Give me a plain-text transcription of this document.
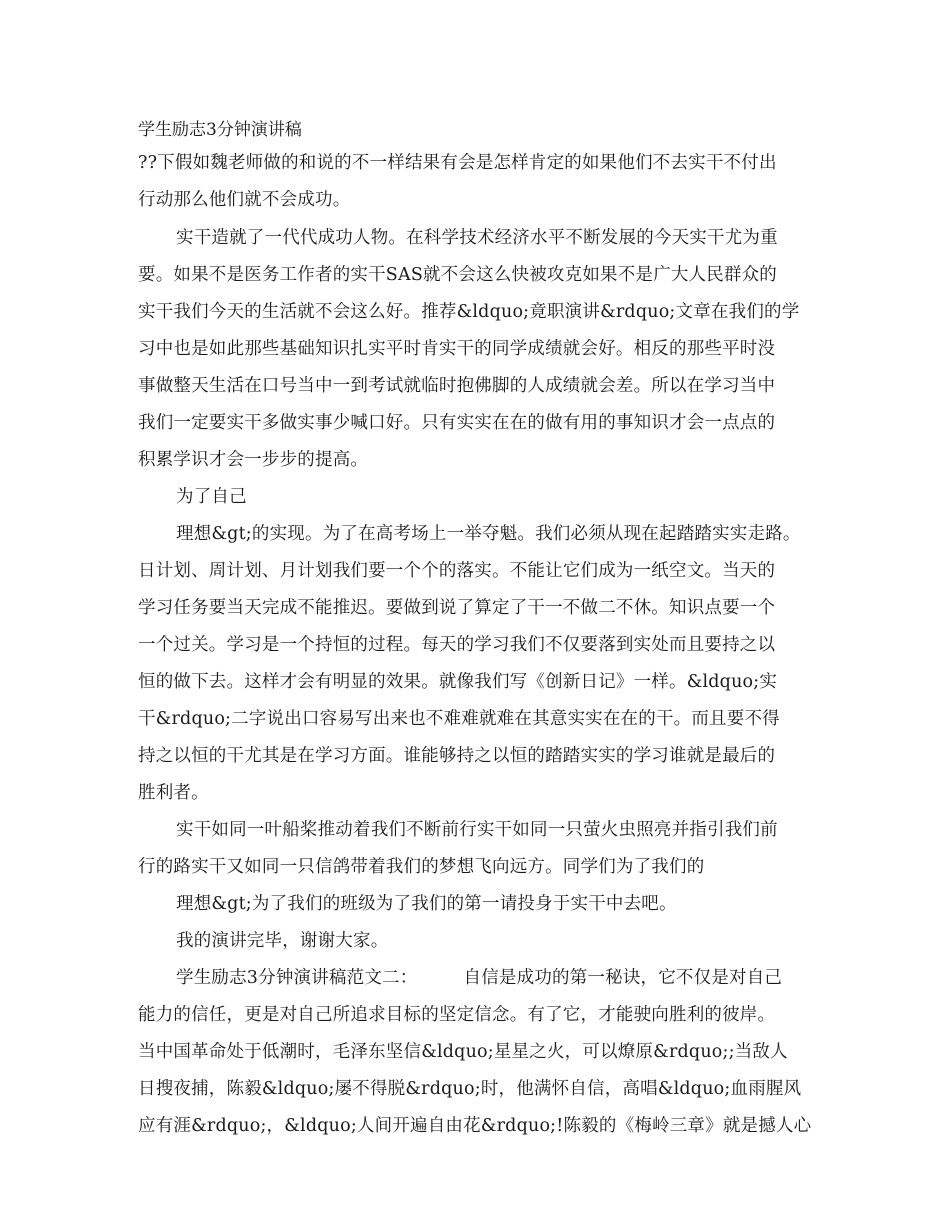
学生励志3分钟演讲稿
??下假如魏老师做的和说的不一样结果有会是怎样肯定的如果他们不去实干不付出
行动那么他们就不会成功。
实干造就了一代代成功人物。在科学技术经济水平不断发展的今天实干尤为重
要。如果不是医务工作者的实干SAS就不会这么快被攻克如果不是广大人民群众的
实干我们今天的生活就不会这么好。推荐&ldquo;竟职演讲&rdquo;文章在我们的学
习中也是如此那些基础知识扎实平时肯实干的同学成绩就会好。相反的那些平时没
事做整天生活在口号当中一到考试就临时抱佛脚的人成绩就会差。所以在学习当中
我们一定要实干多做实事少喊口好。只有实实在在的做有用的事知识才会一点点的
积累学识才会一步步的提高。
为了自己
理想&gt;的实现。为了在高考场上一举夺魁。我们必须从现在起踏踏实实走路。
日计划、周计划、月计划我们要一个个的落实。不能让它们成为一纸空文。当天的
学习任务要当天完成不能推迟。要做到说了算定了干一不做二不休。知识点要一个
一个过关。学习是一个持恒的过程。每天的学习我们不仅要落到实处而且要持之以
恒的做下去。这样才会有明显的效果。就像我们写《创新日记》一样。&ldquo;实
干&rdquo;二字说出口容易写出来也不难难就难在其意实实在在的干。而且要不得
持之以恒的干尤其是在学习方面。谁能够持之以恒的踏踏实实的学习谁就是最后的
胜利者。
实干如同一叶船桨推动着我们不断前行实干如同一只萤火虫照亮并指引我们前
行的路实干又如同一只信鸽带着我们的梦想飞向远方。同学们为了我们的
理想&gt;为了我们的班级为了我们的第一请投身于实干中去吧。
我的演讲完毕，谢谢大家。
学生励志3分钟演讲稿范文二：        自信是成功的第一秘诀，它不仅是对自己
能力的信任，更是对自己所追求目标的坚定信念。有了它，才能驶向胜利的彼岸。
当中国革命处于低潮时，毛泽东坚信&ldquo;星星之火，可以燎原&rdquo;;当敌人
日搜夜捕，陈毅&ldquo;屡不得脱&rdquo;时，他满怀自信，高唱&ldquo;血雨腥风
应有涯&rdquo;，&ldquo;人间开遍自由花&rdquo;!陈毅的《梅岭三章》就是撼人心
